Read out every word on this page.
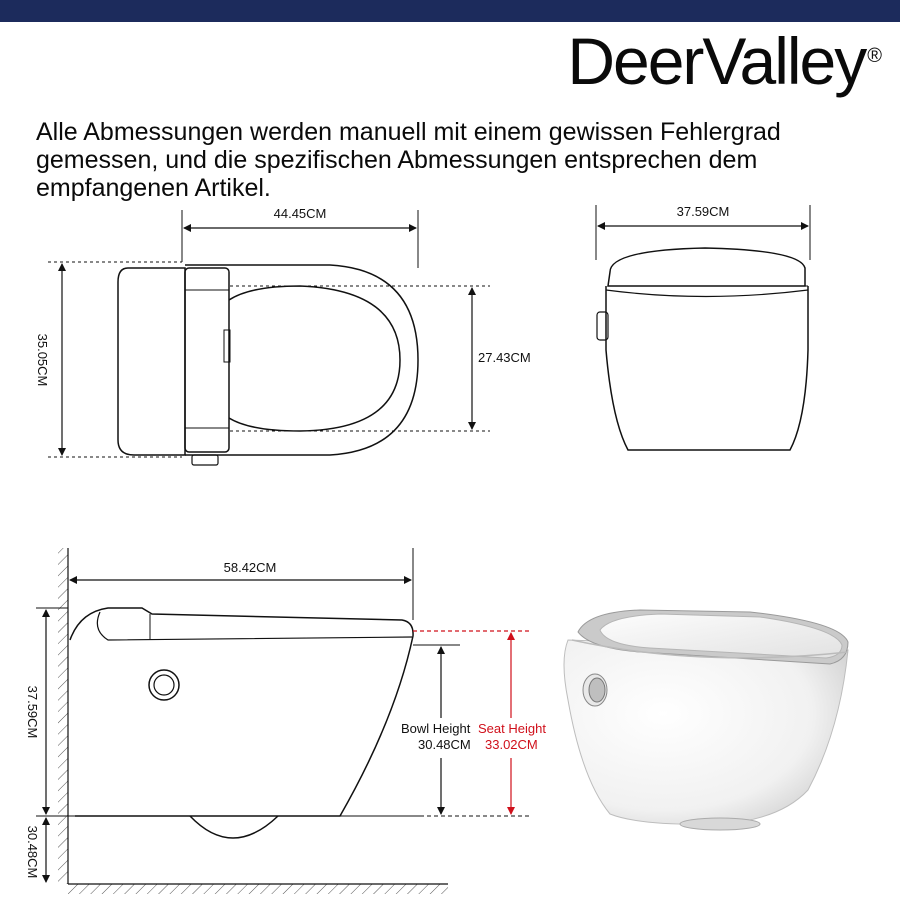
DeerValley ®
Alle Abmessungen werden manuell mit einem gewissen Fehlergrad gemessen, und die spezifischen Abmessungen entsprechen dem empfangenen Artikel.
44.45CM
35.05CM	27.43CM
37.59CM
58.42CM
37.59CM
30.48CM
Bowl Height
30.48CM
Seat Height
33.02CM
